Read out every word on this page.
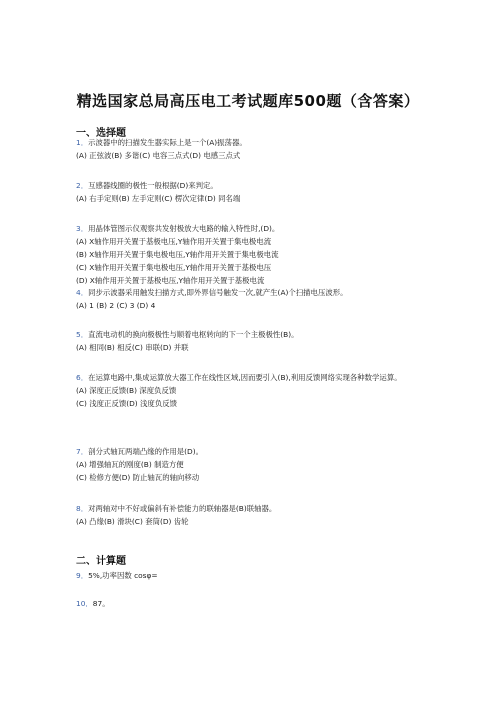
精选国家总局高压电工考试题库500题（含答案）
一、选择题
1．示波器中的扫描发生器实际上是一个(A)振荡器。
(A) 正弦波(B) 多谐(C) 电容三点式(D) 电感三点式
2．互感器线圈的极性一般根据(D)来判定。
(A) 右手定则(B) 左手定则(C) 楞次定律(D) 同名端
3．用晶体管图示仪观察共发射极放大电路的输入特性时,(D)。
(A) X轴作用开关置于基极电压,Y轴作用开关置于集电极电流
(B) X轴作用开关置于集电极电压,Y轴作用开关置于集电极电流
(C) X轴作用开关置于集电极电压,Y轴作用开关置于基极电压
(D) X轴作用开关置于基极电压,Y轴作用开关置于基极电流
4．同步示波器采用触发扫描方式,即外界信号触发一次,就产生(A)个扫描电压波形。
(A) 1 (B) 2 (C) 3 (D) 4
5．直流电动机的换向极极性与顺着电枢转向的下一个主极极性(B)。
(A) 相同(B) 相反(C) 串联(D) 并联
6．在运算电路中,集成运算放大器工作在线性区域,因而要引入(B),利用反馈网络实现各种数学运算。
(A) 深度正反馈(B) 深度负反馈
(C) 浅度正反馈(D) 浅度负反馈
7．剖分式轴瓦两端凸缘的作用是(D)。
(A) 增强轴瓦的刚度(B) 制造方便
(C) 检修方便(D) 防止轴瓦的轴向移动
8．对两轴对中不好或偏斜有补偿能力的联轴器是(B)联轴器。
(A) 凸缘(B) 滑块(C) 套筒(D) 齿轮
二、计算题
9．5%,功率因数 cosφ=
10．87。
